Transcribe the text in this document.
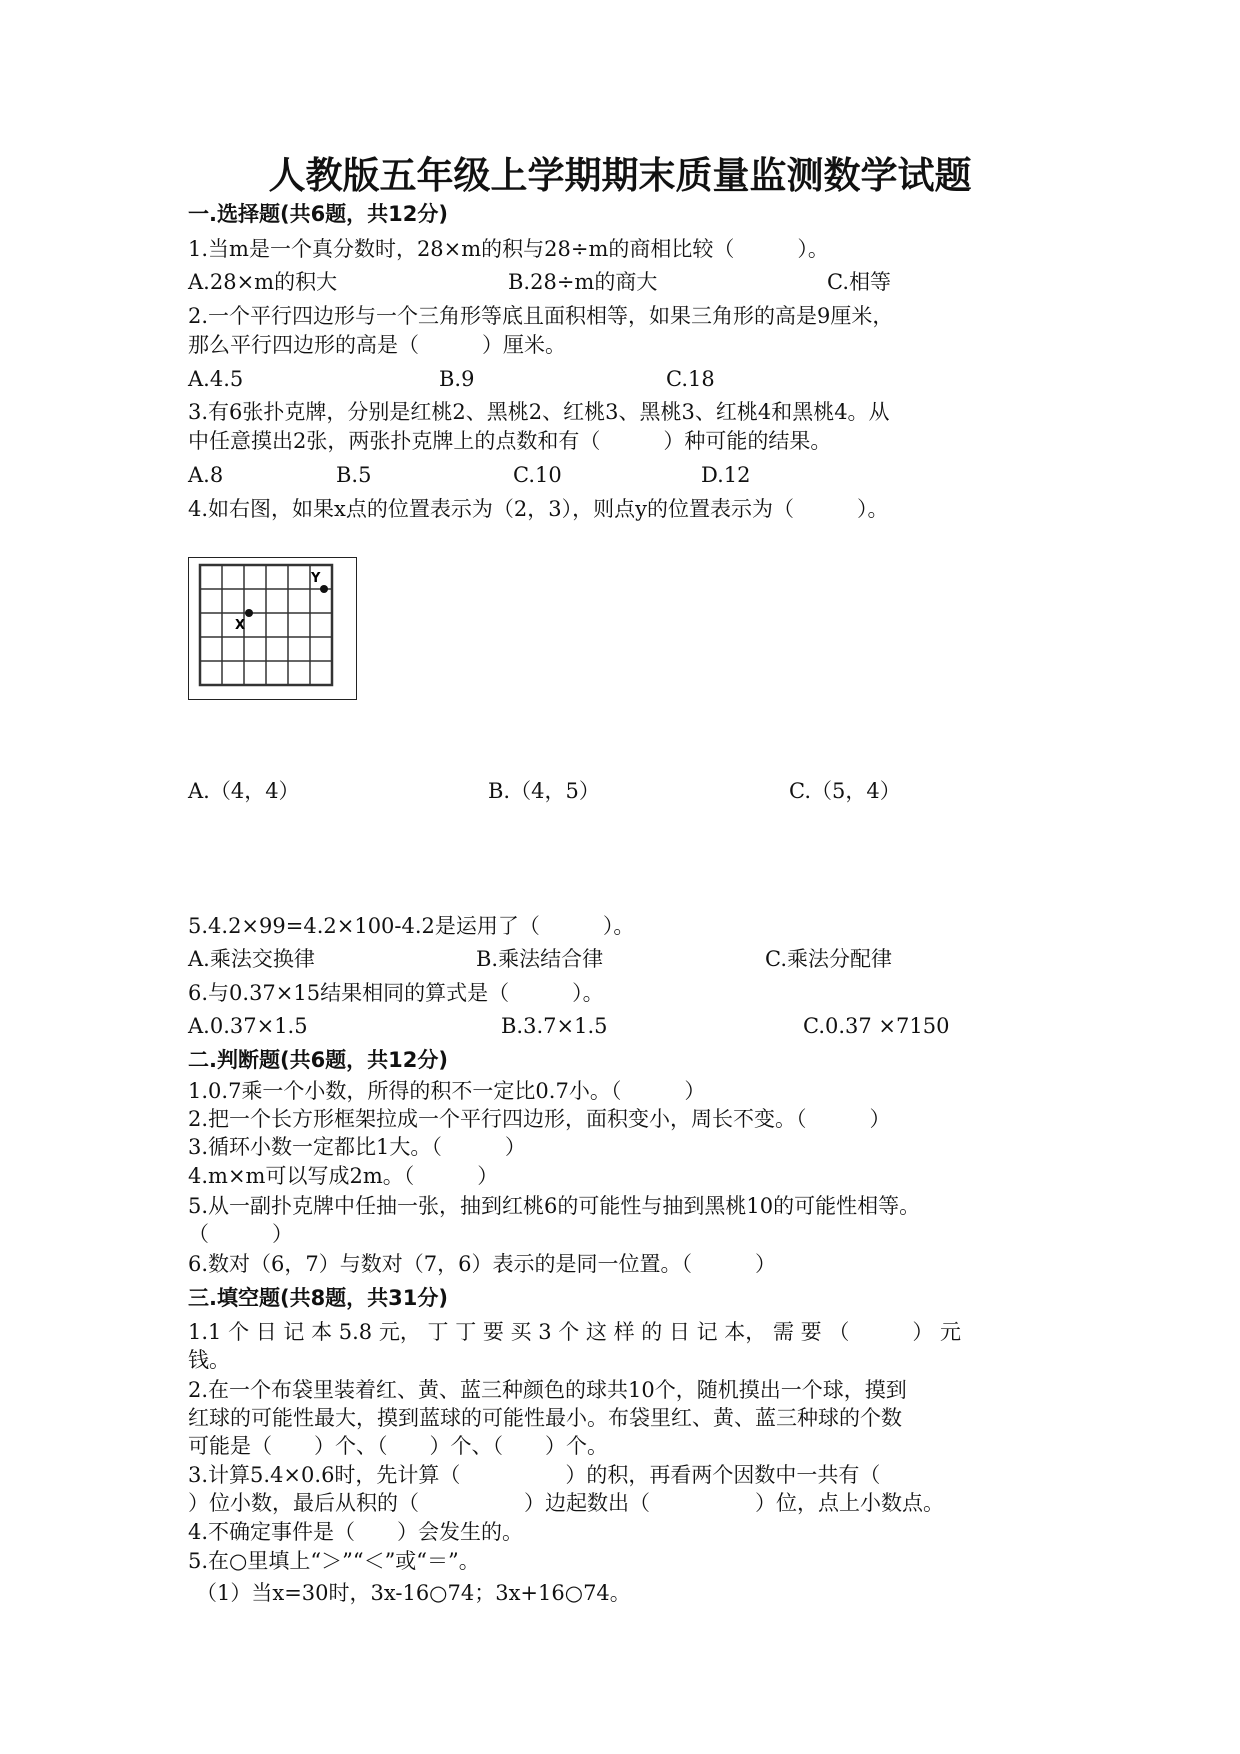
人教版五年级上学期期末质量监测数学试题
一.选择题(共6题，共12分)
1.当m是一个真分数时，28×m的积与28÷m的商相比较（　　　）。
A.28×m的积大	B.28÷m的商大	C.相等
2.一个平行四边形与一个三角形等底且面积相等，如果三角形的高是9厘米，
那么平行四边形的高是（　　　）厘米。
A.4.5	B.9	C.18
3.有6张扑克牌，分别是红桃2、黑桃2、红桃3、黑桃3、红桃4和黑桃4。从
中任意摸出2张，两张扑克牌上的点数和有（　　　）种可能的结果。
A.8	B.5	C.10	D.12
4.如右图，如果x点的位置表示为（2，3），则点y的位置表示为（　　　）。
X
Y
A.（4，4）	B.（4，5）	C.（5，4）
5.4.2×99=4.2×100-4.2是运用了（　　　）。
A.乘法交换律	B.乘法结合律	C.乘法分配律
6.与0.37×15结果相同的算式是（　　　）。
A.0.37×1.5	B.3.7×1.5	C.0.37 ×7150
二.判断题(共6题，共12分)
1.0.7乘一个小数，所得的积不一定比0.7小。（　　　）
2.把一个长方形框架拉成一个平行四边形，面积变小，周长不变。（　　　）
3.循环小数一定都比1大。（　　　）
4.m×m可以写成2m。（　　　）
5.从一副扑克牌中任抽一张，抽到红桃6的可能性与抽到黑桃10的可能性相等。
（　　　）
6.数对（6，7）与数对（7，6）表示的是同一位置。（　　　）
三.填空题(共8题，共31分)
1.1 个 日 记 本 5.8 元， 丁 丁 要 买 3 个 这 样 的 日 记 本， 需 要 （　　　） 元
钱。
2.在一个布袋里装着红、黄、蓝三种颜色的球共10个，随机摸出一个球，摸到
红球的可能性最大，摸到蓝球的可能性最小。布袋里红、黄、蓝三种球的个数
可能是（　　）个、（　　）个、（　　）个。
3.计算5.4×0.6时，先计算（　　　　　）的积，再看两个因数中一共有（
）位小数，最后从积的（　　　　　）边起数出（　　　　　）位，点上小数点。
4.不确定事件是（　　）会发生的。
5.在○里填上“＞”“＜”或“＝”。
（1）当x=30时，3x-16○74；3x+16○74。
